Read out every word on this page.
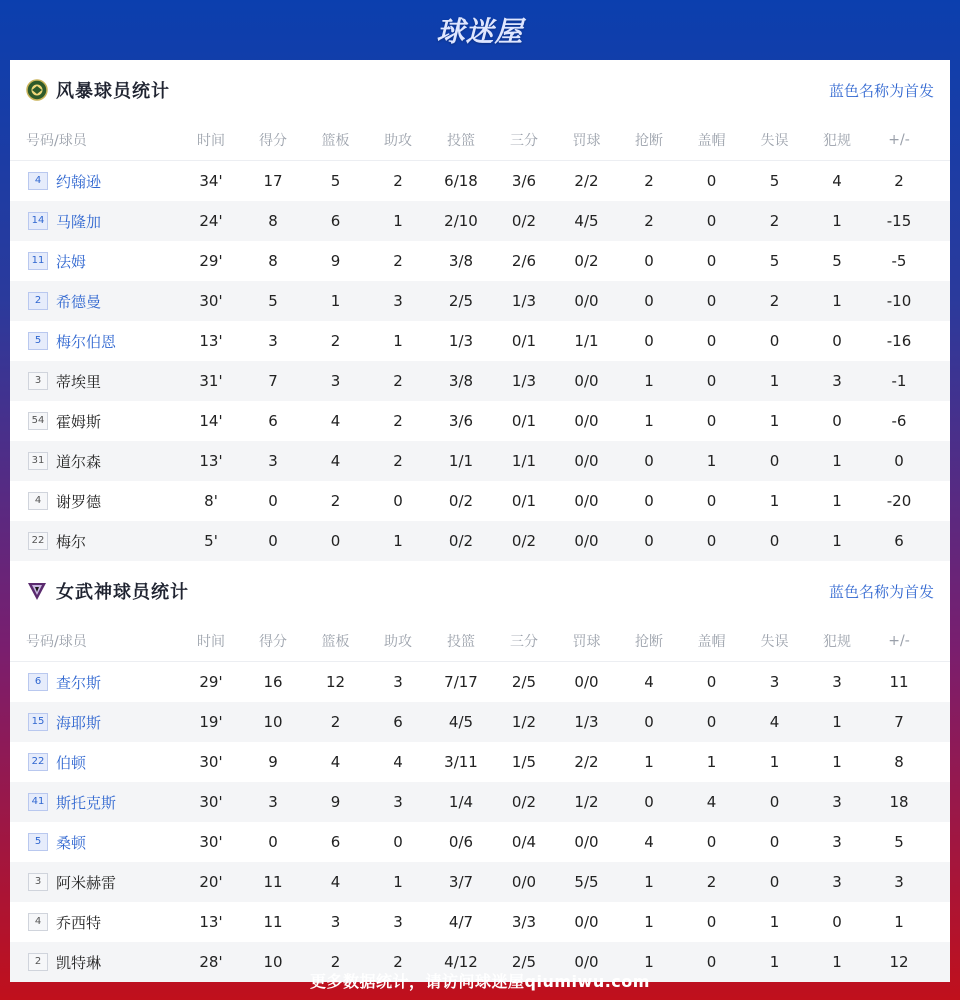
球迷屋
风暴球员统计	蓝色名称为首发
号码/球员	时间	得分	篮板	助攻	投篮	三分	罚球	抢断	盖帽	失误	犯规	+/-
4 约翰逊	34'	17	5	2	6/18	3/6	2/2	2	0	5	4	2
14 马隆加	24'	8	6	1	2/10	0/2	4/5	2	0	2	1	-15
11 法姆	29'	8	9	2	3/8	2/6	0/2	0	0	5	5	-5
2 希德曼	30'	5	1	3	2/5	1/3	0/0	0	0	2	1	-10
5 梅尔伯恩	13'	3	2	1	1/3	0/1	1/1	0	0	0	0	-16
3 蒂埃里	31'	7	3	2	3/8	1/3	0/0	1	0	1	3	-1
54 霍姆斯	14'	6	4	2	3/6	0/1	0/0	1	0	1	0	-6
31 道尔森	13'	3	4	2	1/1	1/1	0/0	0	1	0	1	0
4 谢罗德	8'	0	2	0	0/2	0/1	0/0	0	0	1	1	-20
22 梅尔	5'	0	0	1	0/2	0/2	0/0	0	0	0	1	6
女武神球员统计	蓝色名称为首发
号码/球员	时间	得分	篮板	助攻	投篮	三分	罚球	抢断	盖帽	失误	犯规	+/-
6 查尔斯	29'	16	12	3	7/17	2/5	0/0	4	0	3	3	11
15 海耶斯	19'	10	2	6	4/5	1/2	1/3	0	0	4	1	7
22 伯顿	30'	9	4	4	3/11	1/5	2/2	1	1	1	1	8
41 斯托克斯	30'	3	9	3	1/4	0/2	1/2	0	4	0	3	18
5 桑顿	30'	0	6	0	0/6	0/4	0/0	4	0	0	3	5
3 阿米赫雷	20'	11	4	1	3/7	0/0	5/5	1	2	0	3	3
4 乔西特	13'	11	3	3	4/7	3/3	0/0	1	0	1	0	1
2 凯特琳	28'	10	2	2	4/12	2/5	0/0	1	0	1	1	12
更多数据统计，请访问球迷屋qiumiwu.com
